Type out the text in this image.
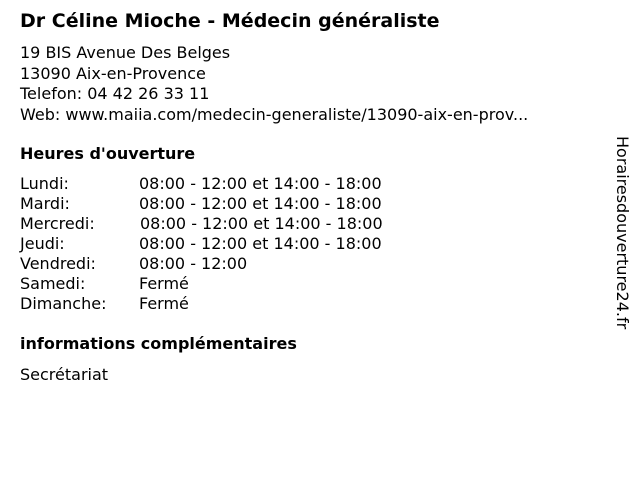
Dr Céline Mioche - Médecin généraliste
19 BIS Avenue Des Belges
13090 Aix-en-Provence
Telefon: 04 42 26 33 11
Web: www.maiia.com/medecin-generaliste/13090-aix-en-prov...
Heures d'ouverture
Lundi:	08:00 - 12:00 et 14:00 - 18:00
Mardi:	08:00 - 12:00 et 14:00 - 18:00
Mercredi:	08:00 - 12:00 et 14:00 - 18:00
Jeudi:	08:00 - 12:00 et 14:00 - 18:00
Vendredi:	08:00 - 12:00
Samedi:	Fermé
Dimanche: Fermé
informations complémentaires
Secrétariat
Horairesdouverture24.fr
